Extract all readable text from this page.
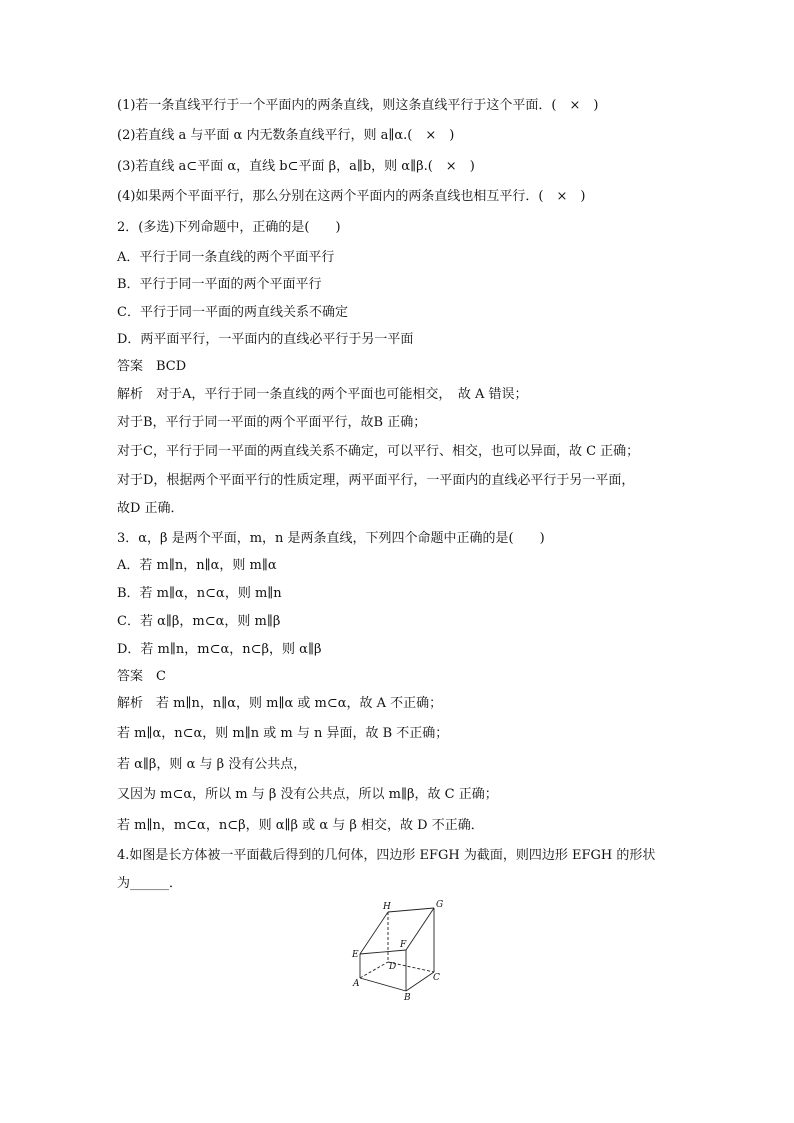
(1)若一条直线平行于一个平面内的两条直线，则这条直线平行于这个平面．(　×　)
(2)若直线 a 与平面 α 内无数条直线平行，则 a∥α.(　×　)
(3)若直线 a⊂平面 α，直线 b⊂平面 β，a∥b，则 α∥β.(　×　)
(4)如果两个平面平行，那么分别在这两个平面内的两条直线也相互平行．(　×　)
2．(多选)下列命题中，正确的是(　　)
A．平行于同一条直线的两个平面平行
B．平行于同一平面的两个平面平行
C．平行于同一平面的两直线关系不确定
D．两平面平行，一平面内的直线必平行于另一平面
答案　BCD
解析　对于A，平行于同一条直线的两个平面也可能相交，　故 A 错误；
对于B，平行于同一平面的两个平面平行，故B 正确；
对于C，平行于同一平面的两直线关系不确定，可以平行、相交，也可以异面，故 C 正确；
对于D，根据两个平面平行的性质定理，两平面平行，一平面内的直线必平行于另一平面，
故D 正确．
3．α，β 是两个平面，m，n 是两条直线，下列四个命题中正确的是(　　)
A．若 m∥n，n∥α，则 m∥α
B．若 m∥α，n⊂α，则 m∥n
C．若 α∥β，m⊂α，则 m∥β
D．若 m∥n，m⊂α，n⊂β，则 α∥β
答案　C
解析　若 m∥n，n∥α，则 m∥α 或 m⊂α，故 A 不正确；
若 m∥α，n⊂α，则 m∥n 或 m 与 n 异面，故 B 不正确；
若 α∥β，则 α 与 β 没有公共点，
又因为 m⊂α，所以 m 与 β 没有公共点，所以 m∥β，故 C 正确；
若 m∥n，m⊂α，n⊂β，则 α∥β 或 α 与 β 相交，故 D 不正确．
4.如图是长方体被一平面截后得到的几何体，四边形 EFGH 为截面，则四边形 EFGH 的形状
为______．
H	G
E
F
D
A
C
B
